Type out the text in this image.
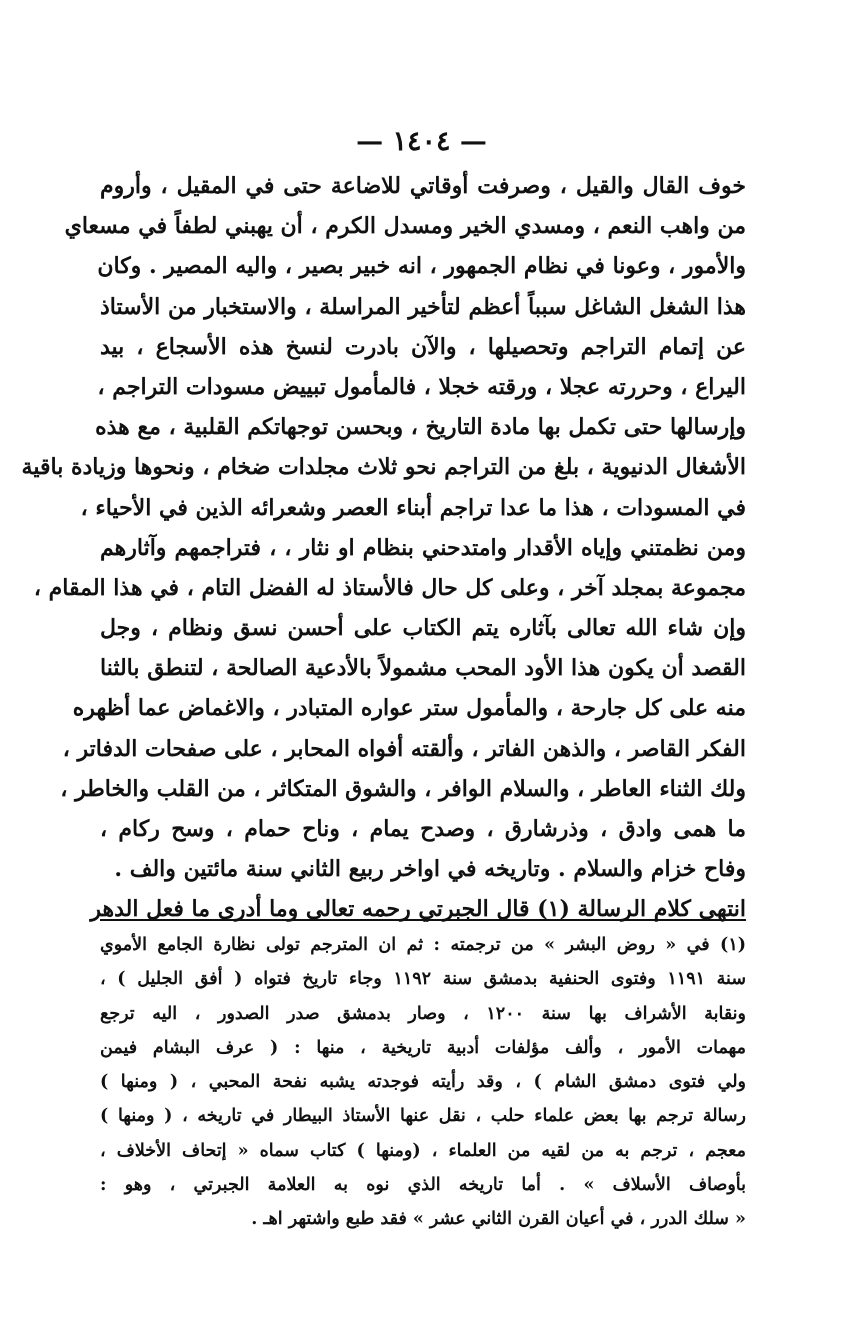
— ١٤٠٤ —
خوف القال والقيل ، وصرفت أوقاتي للاضاعة حتى في المقيل ، وأروم
من واهب النعم ، ومسدي الخير ومسدل الكرم ، أن يهبني لطفاً في مسعاي
والأمور ، وعونا في نظام الجمهور ، انه خبير بصير ، واليه المصير . وكان
هذا الشغل الشاغل سبباً أعظم لتأخير المراسلة ، والاستخبار من الأستاذ
عن إتمام التراجم وتحصيلها ، والآن بادرت لنسخ هذه الأسجاع ، بيد
اليراع ، وحررته عجلا ، ورقته خجلا ، فالمأمول تبييض مسودات التراجم ،
وإرسالها حتى تكمل بها مادة التاريخ ، وبحسن توجهاتكم القلبية ، مع هذه
الأشغال الدنيوية ، بلغ من التراجم نحو ثلاث مجلدات ضخام ، ونحوها وزيادة باقية
في المسودات ، هذا ما عدا تراجم أبناء العصر وشعرائه الذين في الأحياء ،
ومن نظمتني وإياه الأقدار وامتدحني بنظام او نثار ، ، فتراجمهم وآثارهم
مجموعة بمجلد آخر ، وعلى كل حال فالأستاذ له الفضل التام ، في هذا المقام ،
وإن شاء الله تعالى بآثاره يتم الكتاب على أحسن نسق ونظام ، وجل
القصد أن يكون هذا الأود المحب مشمولاً بالأدعية الصالحة ، لتنطق بالثنا
منه على كل جارحة ، والمأمول ستر عواره المتبادر ، والاغماض عما أظهره
الفكر القاصر ، والذهن الفاتر ، وألقته أفواه المحابر ، على صفحات الدفاتر ،
ولك الثناء العاطر ، والسلام الوافر ، والشوق المتكاثر ، من القلب والخاطر ،
ما همى وادق ، وذرشارق ، وصدح يمام ، وناح حمام ، وسح ركام ،
وفاح خزام والسلام . وتاريخه في اواخر ربيع الثاني سنة مائتين والف .
انتهى كلام الرسالة (١) قال الجبرتي رحمه تعالى وما أدرى ما فعل الدهر
(١) في « روض البشر » من ترجمته : ثم ان المترجم تولى نظارة الجامع الأموي
سنة ١١٩١ وفتوى الحنفية بدمشق سنة ١١٩٢ وجاء تاريخ فتواه ( أفق الجليل ) ،
ونقابة الأشراف بها سنة ١٢٠٠ ، وصار بدمشق صدر الصدور ، اليه ترجع
مهمات الأمور ، وألف مؤلفات أدبية تاريخية ، منها : ( عرف البشام فيمن
ولي فتوى دمشق الشام ) ، وقد رأيته فوجدته يشبه نفحة المحبي ، ( ومنها )
رسالة ترجم بها بعض علماء حلب ، نقل عنها الأستاذ البيطار في تاريخه ، ( ومنها )
معجم ، ترجم به من لقيه من العلماء ، (ومنها ) كتاب سماه « إتحاف الأخلاف ،
بأوصاف الأسلاف » . أما تاريخه الذي نوه به العلامة الجبرتي ، وهو :
« سلك الدرر ، في أعيان القرن الثاني عشر » فقد طبع واشتهر اهـ .
